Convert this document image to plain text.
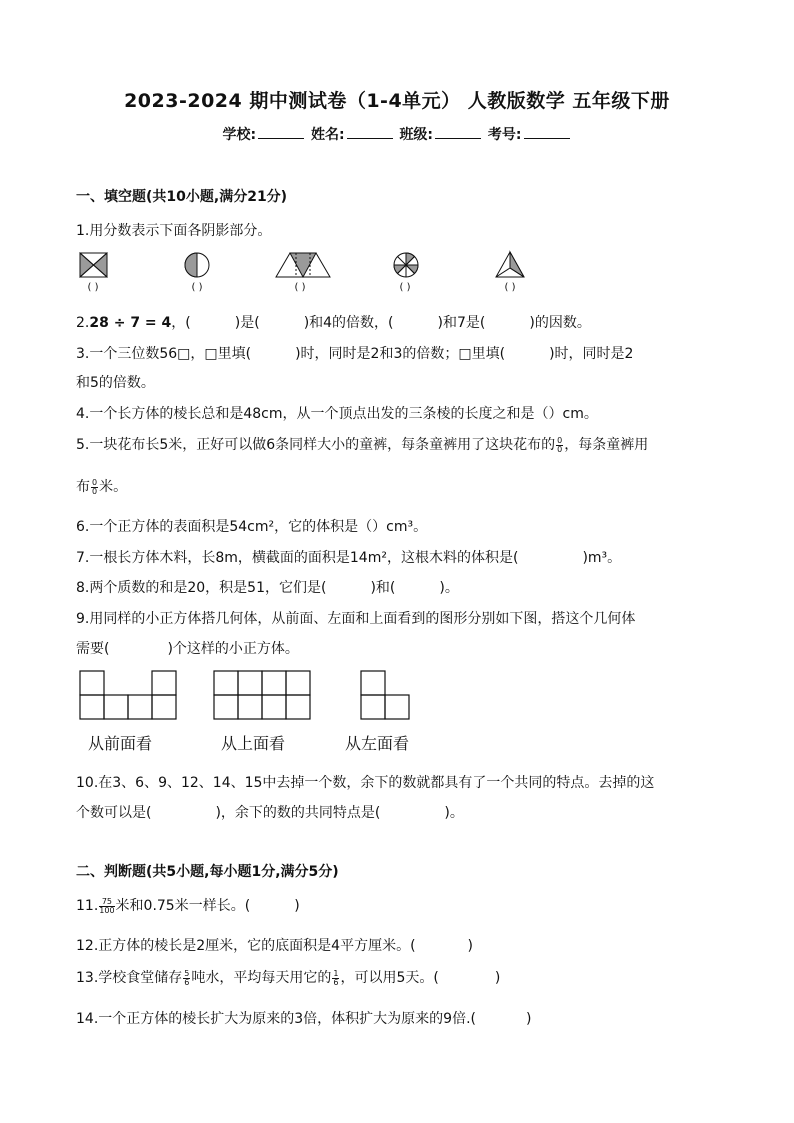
2023-2024 期中测试卷（1-4单元） 人教版数学 五年级下册
学校:	姓名:	班级:	考号:
一、填空题(共10小题,满分21分)
1.用分数表示下面各阴影部分。
( )	( )	( )	( )	( )
2.28 ÷ 7 = 4，(	)是(	)和4的倍数，(	)和7是(	)的因数。
3.一个三位数56□，□里填(	)时，同时是2和3的倍数；□里填(	)时，同时是2
和5的倍数。
4.一个长方体的棱长总和是48cm，从一个顶点出发的三条棱的长度之和是（）cm。
5.一块花布长5米，正好可以做6条同样大小的童裤，每条童裤用了这块花布的 $\frac{0}{0}$ ，每条童裤用
布 $\frac{0}{0}$ 米。
6.一个正方体的表面积是54cm²，它的体积是（）cm³。
7.一根长方体木料，长8m，横截面的面积是14m²，这根木料的体积是(	)m³。
8.两个质数的和是20，积是51，它们是(	)和(	)。
9.用同样的小正方体搭几何体，从前面、左面和上面看到的图形分别如下图，搭这个几何体
需要(	)个这样的小正方体。
从前面看	从上面看	从左面看
10.在3、6、9、12、14、15中去掉一个数，余下的数就都具有了一个共同的特点。去掉的这
个数可以是(	)，余下的数的共同特点是(	)。
二、判断题(共5小题,每小题1分,满分5分)
11. $\frac{75}{100}$ 米和0.75米一样长。(	)
12.正方体的棱长是2厘米，它的底面积是4平方厘米。(	)
13.学校食堂储存 $\frac{5}{6}$ 吨水，平均每天用它的 $\frac{1}{6}$ ，可以用5天。(	)
14.一个正方体的棱长扩大为原来的3倍，体积扩大为原来的9倍.(	)
